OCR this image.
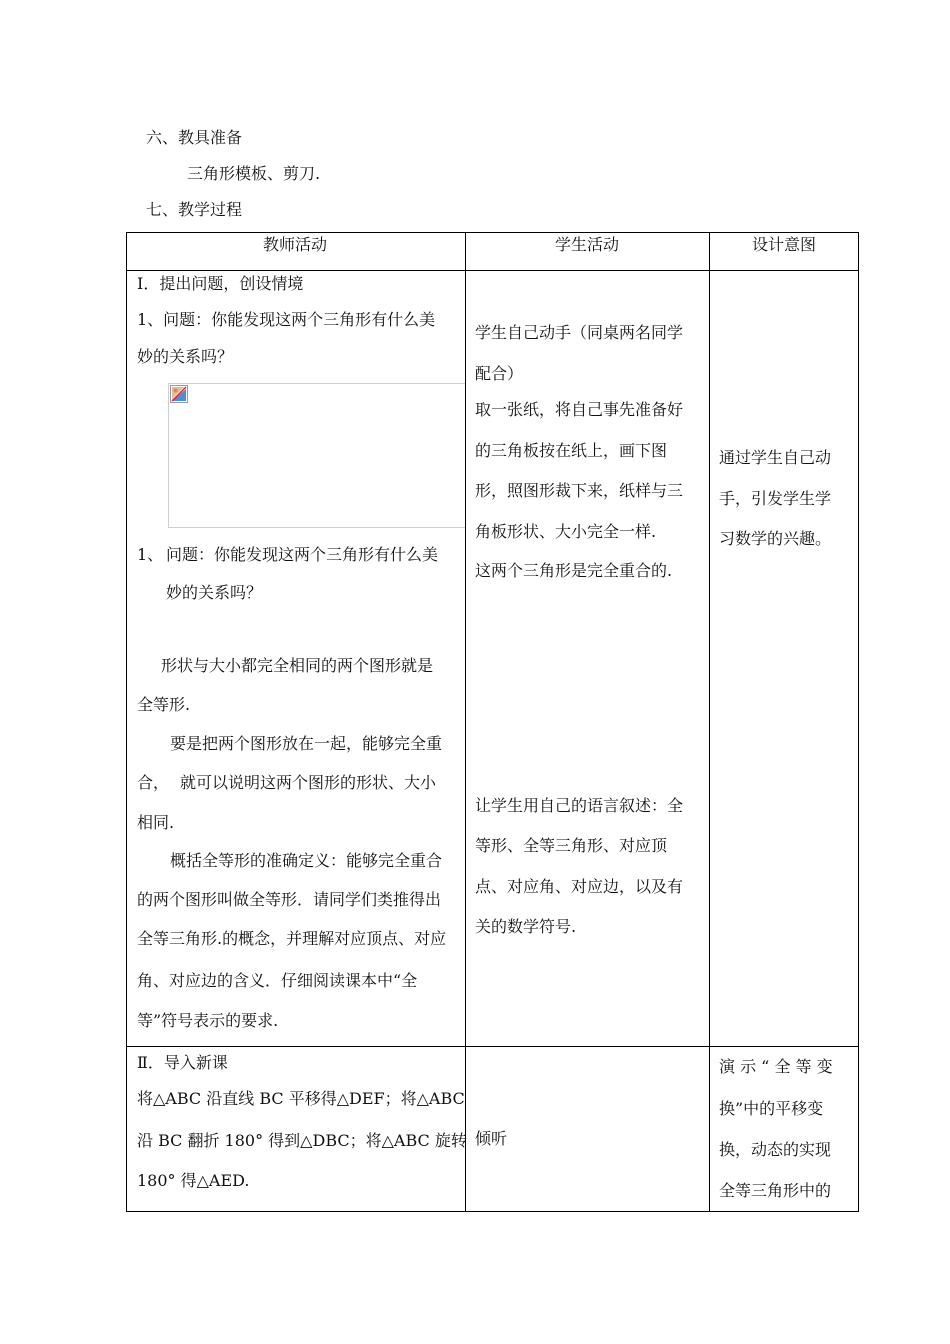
六、教具准备
三角形模板、剪刀.
七、教学过程
教师活动	学生活动	设计意图
Ⅰ．提出问题，创设情境
1、问题：你能发现这两个三角形有什么美
妙的关系吗？
1、 问题：你能发现这两个三角形有什么美
妙的关系吗？
形状与大小都完全相同的两个图形就是
全等形.
要是把两个图形放在一起，能够完全重
合， 就可以说明这两个图形的形状、大小
相同.
概括全等形的准确定义：能够完全重合
的两个图形叫做全等形．请同学们类推得出
全等三角形.的概念，并理解对应顶点、对应
角、对应边的含义．仔细阅读课本中“全
等”符号表示的要求.
学生自己动手（同桌两名同学
配合）
取一张纸，将自己事先准备好
的三角板按在纸上，画下图
形，照图形裁下来，纸样与三
角板形状、大小完全一样.
这两个三角形是完全重合的.
让学生用自己的语言叙述：全
等形、全等三角形、对应顶
点、对应角、对应边，以及有
关的数学符号.
通过学生自己动
手，引发学生学
习数学的兴趣。
Ⅱ．导入新课
将△ABC 沿直线 BC 平移得△DEF；将△ABC
沿 BC 翻折 180° 得到△DBC；将△ABC 旋转
180° 得△AED.
倾听
演 示 “ 全 等 变
换”中的平移变
换，动态的实现
全等三角形中的
